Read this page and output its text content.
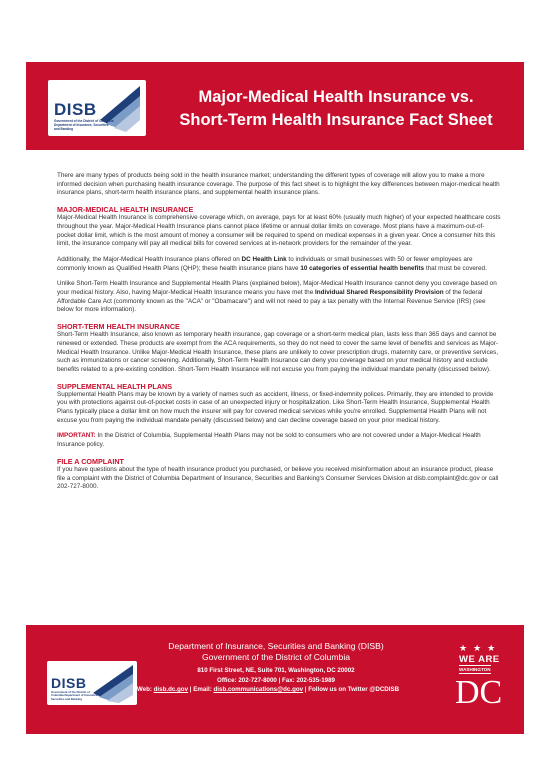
DISB
Government of the District of Columbia Department of Insurance, Securities and Banking
Major-Medical Health Insurance vs.
Short-Term Health Insurance Fact Sheet

There are many types of products being sold in the health insurance market; understanding the different types of coverage will allow you to make a more informed decision when purchasing health insurance coverage. The purpose of this fact sheet is to highlight the key differences between major-medical health insurance plans, short-term health insurance plans, and supplemental health insurance plans.

MAJOR-MEDICAL HEALTH INSURANCE

Major-Medical Health Insurance is comprehensive coverage which, on average, pays for at least 60% (usually much higher) of your expected healthcare costs throughout the year. Major-Medical Health Insurance plans cannot place lifetime or annual dollar limits on coverage. Most plans have a maximum-out-of-pocket dollar limit, which is the most amount of money a consumer will be required to spend on medical expenses in a given year. Once a consumer hits this limit, the insurance company will pay all medical bills for covered services at in-network providers for the remainder of the year.

Additionally, the Major-Medical Health Insurance plans offered on DC Health Link to individuals or small businesses with 50 or fewer employees are commonly known as Qualified Health Plans (QHP); these health insurance plans have 10 categories of essential health benefits that must be covered.

Unlike Short-Term Health Insurance and Supplemental Health Plans (explained below), Major-Medical Health Insurance cannot deny you coverage based on your medical history. Also, having Major-Medical Health Insurance means you have met the Individual Shared Responsibility Provision of the federal Affordable Care Act (commonly known as the "ACA" or "Obamacare") and will not need to pay a tax penalty with the Internal Revenue Service (IRS) (see below for more information).

SHORT-TERM HEALTH INSURANCE

Short-Term Health Insurance, also known as temporary health insurance, gap coverage or a short-term medical plan, lasts less than 365 days and cannot be renewed or extended. These products are exempt from the ACA requirements, so they do not need to cover the same level of benefits and services as Major-Medical Health Insurance. Unlike Major-Medical Health Insurance, these plans are unlikely to cover prescription drugs, maternity care, or preventive services, such as immunizations or cancer screening. Additionally, Short-Term Health Insurance can deny you coverage based on your medical history and exclude benefits related to a pre-existing condition. Short-Term Health Insurance will not excuse you from paying the individual mandate penalty (discussed below).

SUPPLEMENTAL HEALTH PLANS

Supplemental Health Plans may be known by a variety of names such as accident, illness, or fixed-indemnity polices. Primarily, they are intended to provide you with protections against out-of-pocket costs in case of an unexpected injury or hospitalization. Like Short-Term Health Insurance, Supplemental Health Plans typically place a dollar limit on how much the insurer will pay for covered medical services while you're enrolled. Supplemental Health Plans will not excuse you from paying the individual mandate penalty (discussed below) and can decline coverage based on your prior medical history.

IMPORTANT: In the District of Columbia, Supplemental Health Plans may not be sold to consumers who are not covered under a Major-Medical Health Insurance policy.

FILE A COMPLAINT

If you have questions about the type of health insurance product you purchased, or believe you received misinformation about an insurance product, please file a complaint with the District of Columbia Department of Insurance, Securities and Banking's Consumer Services Division at disb.complaint@dc.gov or call 202-727-8000.

DISB
Government of the District of Columbia Department of Insurance, Securities and Banking
Department of Insurance, Securities and Banking (DISB)
Government of the District of Columbia
810 First Street, NE, Suite 701, Washington, DC 20002
Office: 202-727-8000 | Fax: 202-535-1989
Web: disb.dc.gov | Email: disb.communications@dc.gov | Follow us on Twitter @DCDISB
★★★
WE ARE
WASHINGTON
DC
